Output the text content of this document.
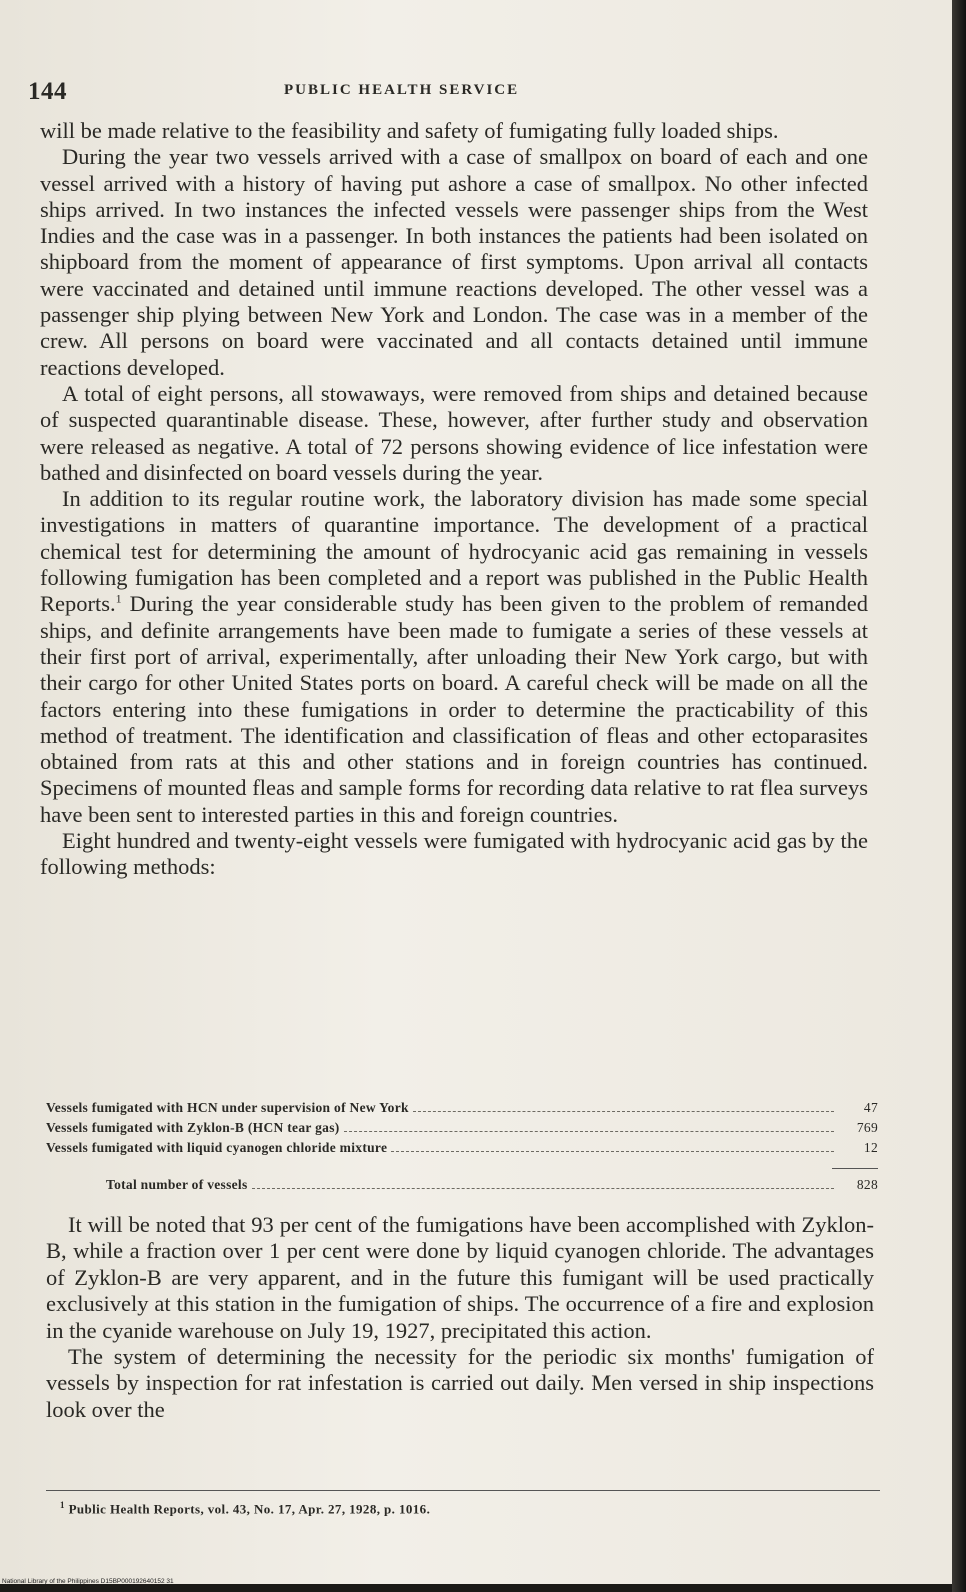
144	PUBLIC HEALTH SERVICE

will be made relative to the feasibility and safety of fumigating fully loaded ships.

During the year two vessels arrived with a case of smallpox on board of each and one vessel arrived with a history of having put ashore a case of smallpox. No other infected ships arrived. In two instances the infected vessels were passenger ships from the West Indies and the case was in a passenger. In both instances the patients had been isolated on shipboard from the moment of appearance of first symptoms. Upon arrival all contacts were vaccinated and detained until immune reactions developed. The other vessel was a passenger ship plying between New York and London. The case was in a member of the crew. All persons on board were vaccinated and all contacts detained until immune reactions developed.

A total of eight persons, all stowaways, were removed from ships and detained because of suspected quarantinable disease. These, however, after further study and observation were released as negative. A total of 72 persons showing evidence of lice infestation were bathed and disinfected on board vessels during the year.

In addition to its regular routine work, the laboratory division has made some special investigations in matters of quarantine importance. The development of a practical chemical test for determining the amount of hydrocyanic acid gas remaining in vessels following fumigation has been completed and a report was published in the Public Health Reports.$^1$ During the year considerable study has been given to the problem of remanded ships, and definite arrangements have been made to fumigate a series of these vessels at their first port of arrival, experimentally, after unloading their New York cargo, but with their cargo for other United States ports on board. A careful check will be made on all the factors entering into these fumigations in order to determine the practicability of this method of treatment. The identification and classification of fleas and other ectoparasites obtained from rats at this and other stations and in foreign countries has continued. Specimens of mounted fleas and sample forms for recording data relative to rat flea surveys have been sent to interested parties in this and foreign countries.

Eight hundred and twenty-eight vessels were fumigated with hydrocyanic acid gas by the following methods:

Vessels fumigated with HCN under supervision of New York	47
Vessels fumigated with Zyklon-B (HCN tear gas)	769
Vessels fumigated with liquid cyanogen chloride mixture	12
Total number of vessels	828

It will be noted that 93 per cent of the fumigations have been accomplished with Zyklon-B, while a fraction over 1 per cent were done by liquid cyanogen chloride. The advantages of Zyklon-B are very apparent, and in the future this fumigant will be used practically exclusively at this station in the fumigation of ships. The occurrence of a fire and explosion in the cyanide warehouse on July 19, 1927, precipitated this action.

The system of determining the necessity for the periodic six months' fumigation of vessels by inspection for rat infestation is carried out daily. Men versed in ship inspections look over the

$^1$ Public Health Reports, vol. 43, No. 17, Apr. 27, 1928, p. 1016.
National Library of the Philippines D15BP000192640152 31
